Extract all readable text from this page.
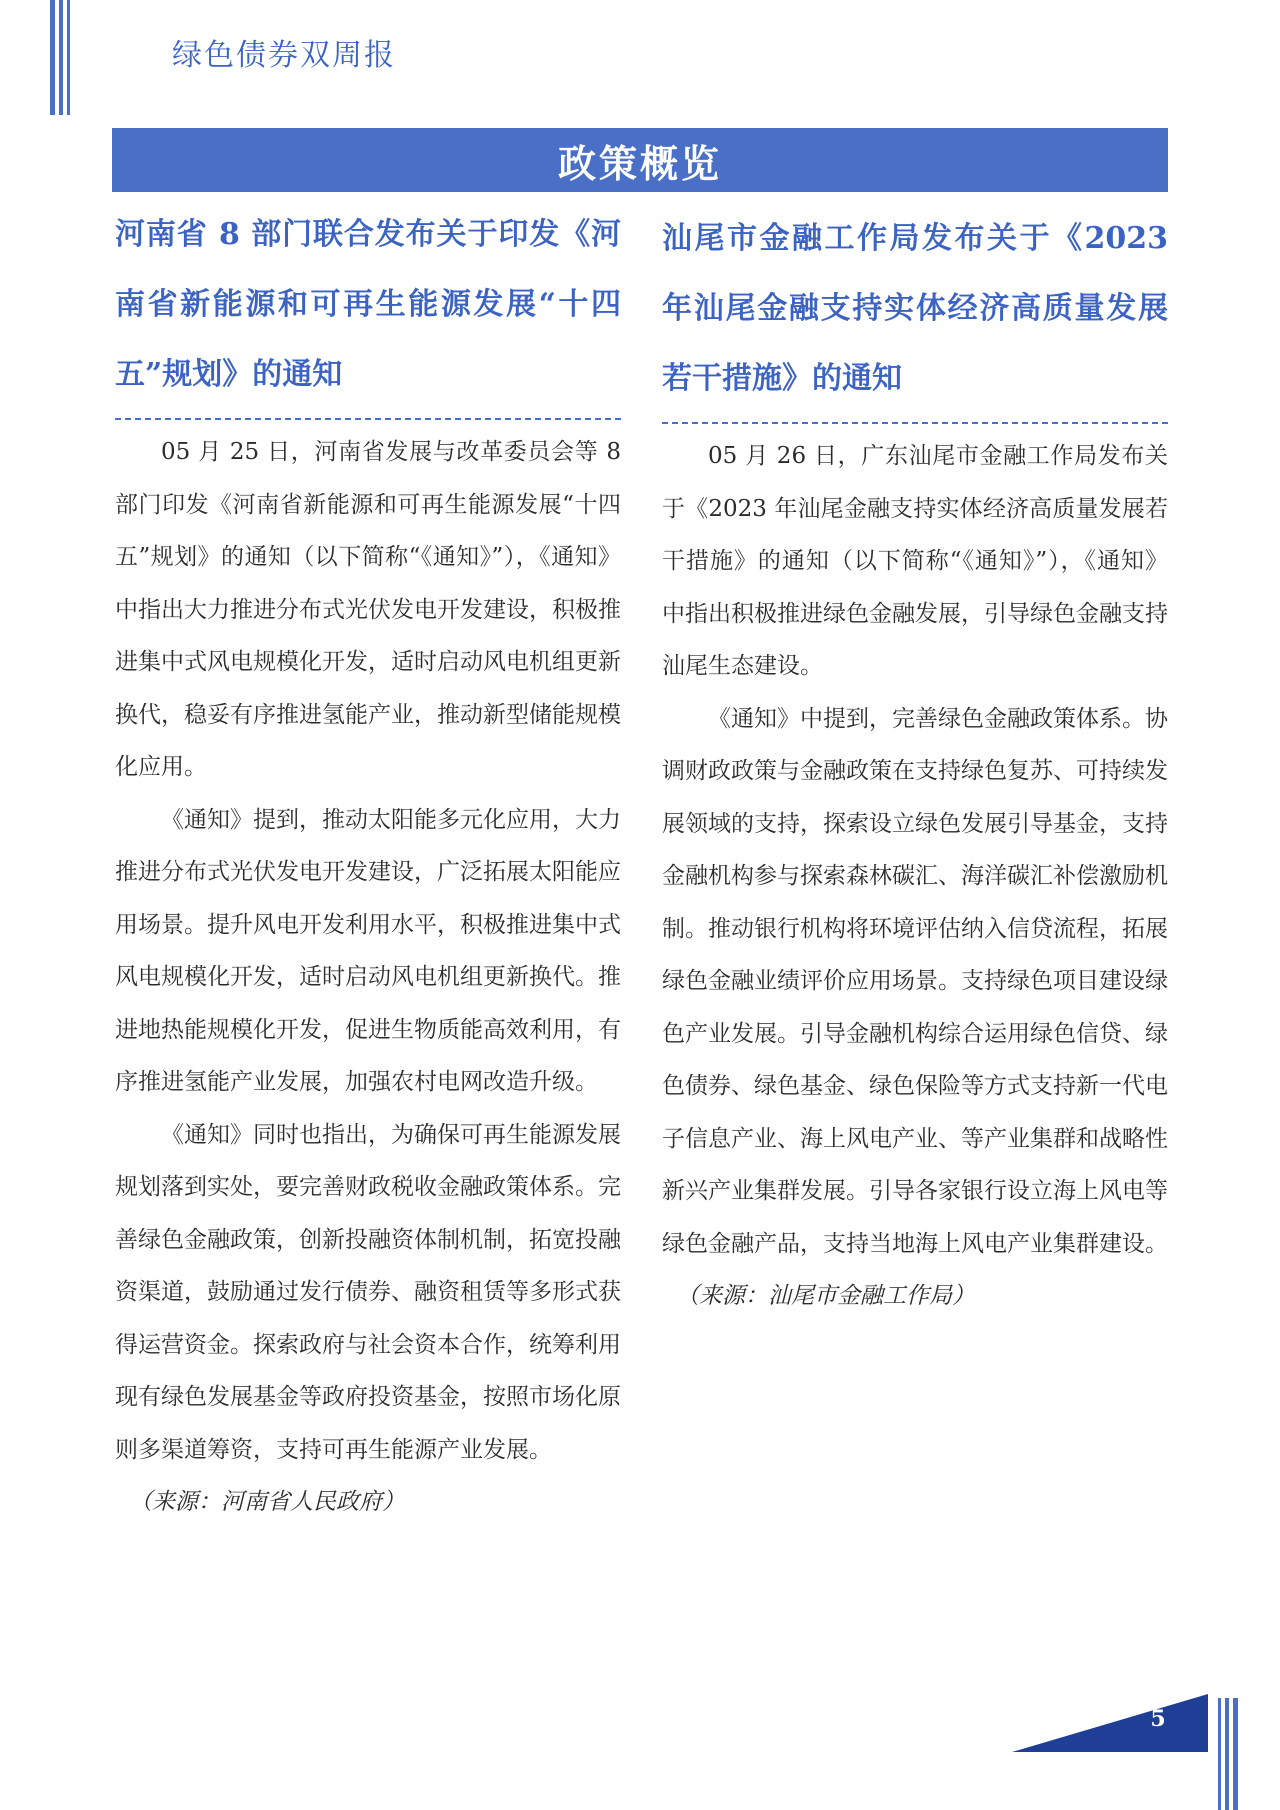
绿色债券双周报
政策概览
河南省 8 部门联合发布关于印发《河南省新能源和可再生能源发展“十四五”规划》的通知

05 月 25 日，河南省发展与改革委员会等 8 部门印发《河南省新能源和可再生能源发展“十四五”规划》的通知（以下简称“《通知》”），《通知》中指出大力推进分布式光伏发电开发建设，积极推进集中式风电规模化开发，适时启动风电机组更新换代，稳妥有序推进氢能产业，推动新型储能规模化应用。

《通知》提到，推动太阳能多元化应用，大力推进分布式光伏发电开发建设，广泛拓展太阳能应用场景。提升风电开发利用水平，积极推进集中式风电规模化开发，适时启动风电机组更新换代。推进地热能规模化开发，促进生物质能高效利用，有序推进氢能产业发展，加强农村电网改造升级。

《通知》同时也指出，为确保可再生能源发展规划落到实处，要完善财政税收金融政策体系。完善绿色金融政策，创新投融资体制机制，拓宽投融资渠道，鼓励通过发行债券、融资租赁等多形式获得运营资金。探索政府与社会资本合作，统筹利用现有绿色发展基金等政府投资基金，按照市场化原则多渠道筹资，支持可再生能源产业发展。

（来源：河南省人民政府）

汕尾市金融工作局发布关于《2023 年汕尾金融支持实体经济高质量发展若干措施》的通知

05 月 26 日，广东汕尾市金融工作局发布关于《2023 年汕尾金融支持实体经济高质量发展若干措施》的通知（以下简称“《通知》”），《通知》中指出积极推进绿色金融发展，引导绿色金融支持汕尾生态建设。

《通知》中提到，完善绿色金融政策体系。协调财政政策与金融政策在支持绿色复苏、可持续发展领域的支持，探索设立绿色发展引导基金，支持金融机构参与探索森林碳汇、海洋碳汇补偿激励机制。推动银行机构将环境评估纳入信贷流程，拓展绿色金融业绩评价应用场景。支持绿色项目建设绿色产业发展。引导金融机构综合运用绿色信贷、绿色债券、绿色基金、绿色保险等方式支持新一代电子信息产业、海上风电产业、等产业集群和战略性新兴产业集群发展。引导各家银行设立海上风电等绿色金融产品，支持当地海上风电产业集群建设。

（来源：汕尾市金融工作局）

5
